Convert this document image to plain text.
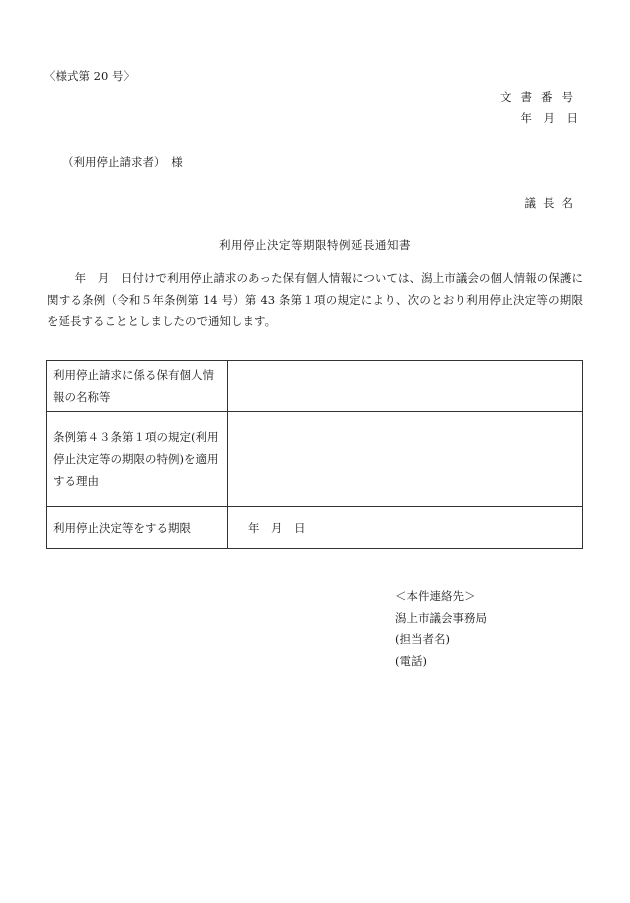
〈様式第 20 号〉
文書番号
年　月　日
（利用停止請求者）　様
議長名
利用停止決定等期限特例延長通知書

年　月　日付けで利用停止請求のあった保有個人情報については、潟上市議会の個人情報の保護に関する条例（令和５年条例第 14 号）第 43 条第１項の規定により、次のとおり利用停止決定等の期限を延長することとしましたので通知します。

利用停止請求に係る保有個人情報の名称等	
条例第４３条第１項の規定(利用停止決定等の期限の特例)を適用する理由	
利用停止決定等をする期限	年　月　日
＜本件連絡先＞
潟上市議会事務局
(担当者名)
(電話)
